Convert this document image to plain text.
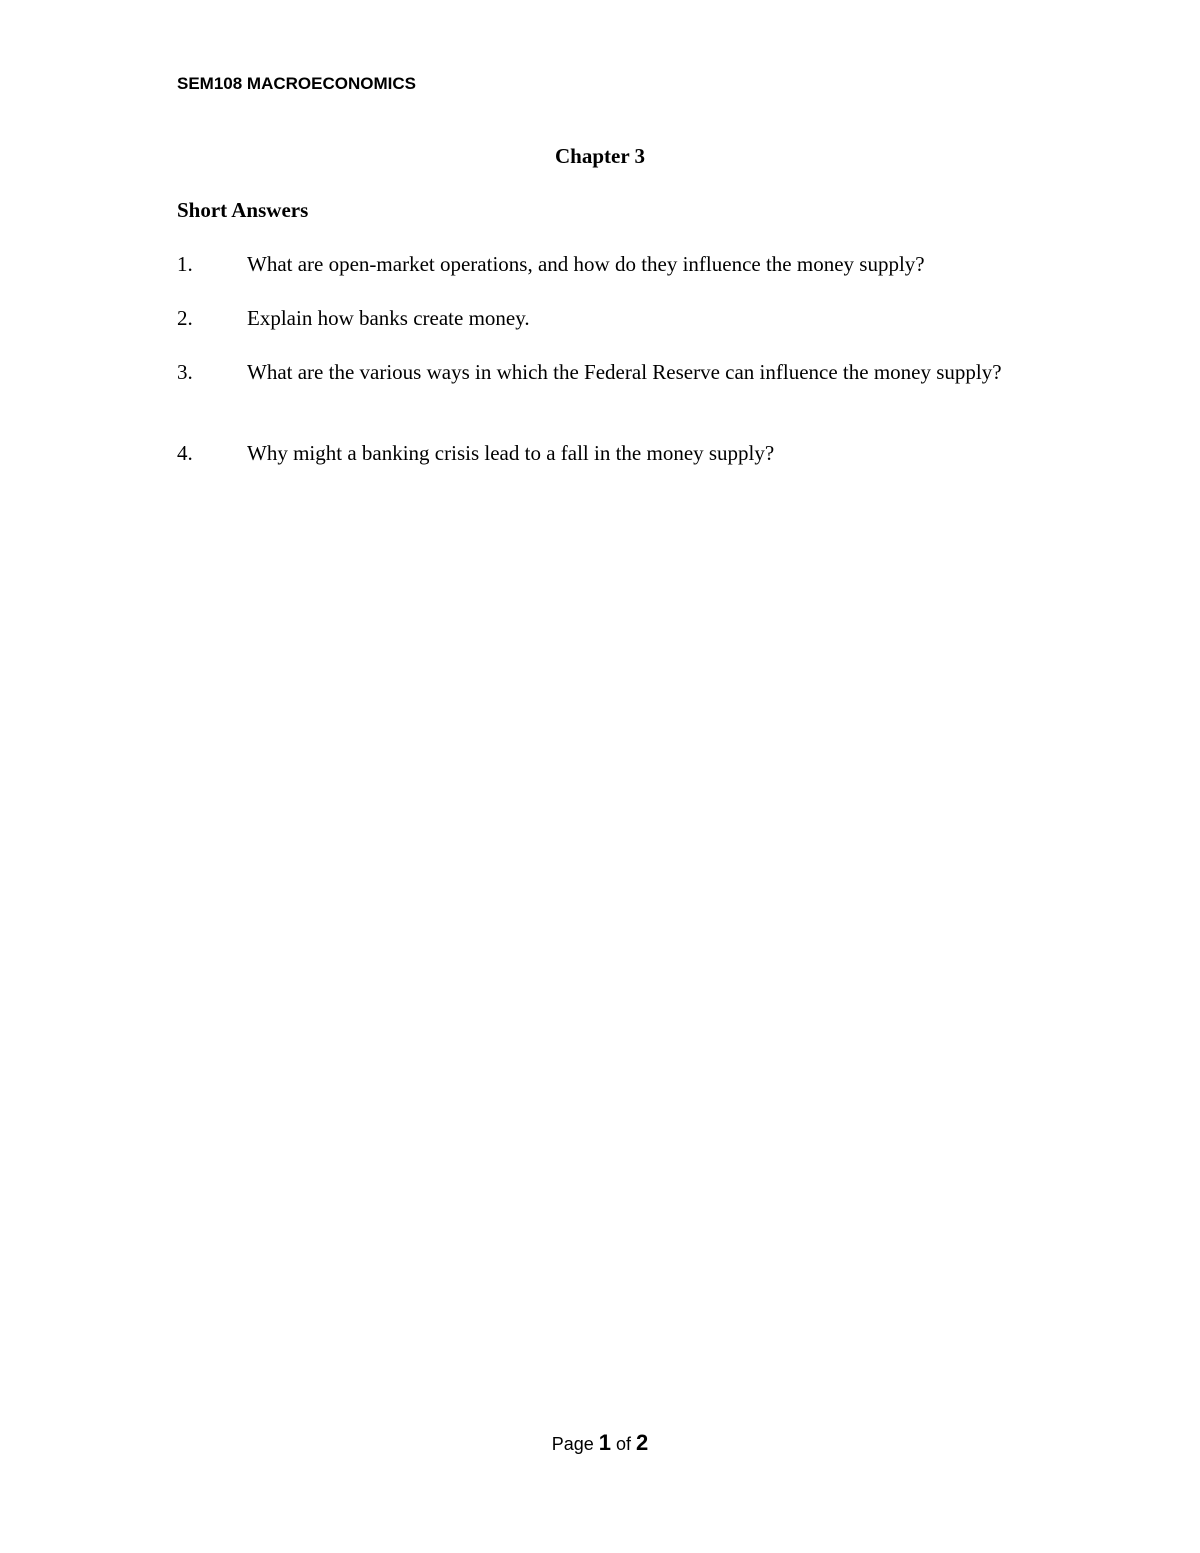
SEM108 MACROECONOMICS
Chapter 3
Short Answers
1.	What are open-market operations, and how do they influence the money supply?
2.	Explain how banks create money.
3.	What are the various ways in which the Federal Reserve can influence the money supply?
4.	Why might a banking crisis lead to a fall in the money supply?
Page 1 of 2
